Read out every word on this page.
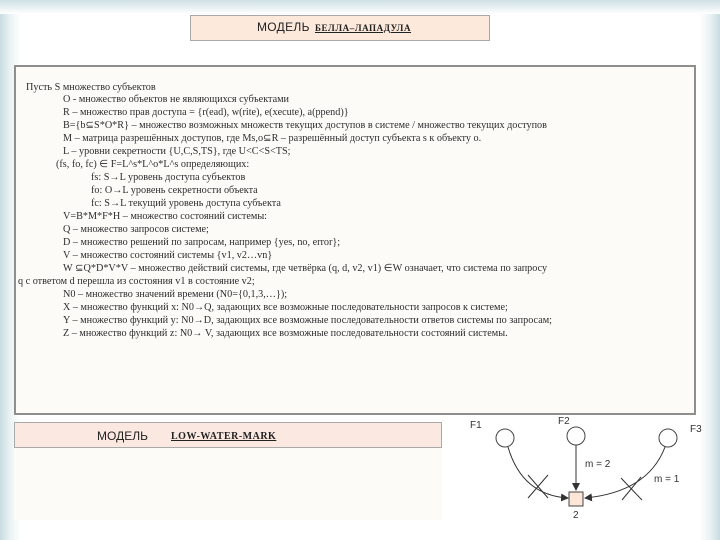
МОДЕЛЬ БЕЛЛА–ЛАПАДУЛА
Пусть S множество субъектов
O - множество объектов не являющихся субъектами
R – множество прав доступа = {r(ead), w(rite), e(xecute), a(ppend)}
B={b⊆S*O*R} – множество возможных множеств текущих доступов в системе / множество текущих доступов
M – матрица разрешённых доступов, где Ms,o⊆R – разрешённый доступ субъекта s к объекту o.
L – уровни секретности {U,C,S,TS}, где U<C<S<TS;
(fs, fo, fc) ∈ F=L^s*L^o*L^s определяющих:
fs: S→L уровень доступа субъектов
fo: O→L уровень секретности объекта
fc: S→L текущий уровень доступа субъекта
V=B*M*F*H – множество состояний системы:
Q – множество запросов системе;
D – множество решений по запросам, например {yes, no, error};
V – множество состояний системы {v1, v2…vn}
W ⊆Q*D*V*V – множество действий системы, где четвёрка (q, d, v2, v1) ∈W означает, что система по запросу
q с ответом d перешла из состояния v1 в состояние v2;
N0 – множество значений времени (N0={0,1,3,…});
X – множество функций x: N0→Q, задающих все возможные последовательности запросов к системе;
Y – множество функций y: N0→D, задающих все возможные последовательности ответов системы по запросам;
Z – множество функций z: N0→ V, задающих все возможные последовательности состояний системы.
МОДЕЛЬ LOW-WATER-MARK
F1	F2
F3
2
m = 2
m = 1
